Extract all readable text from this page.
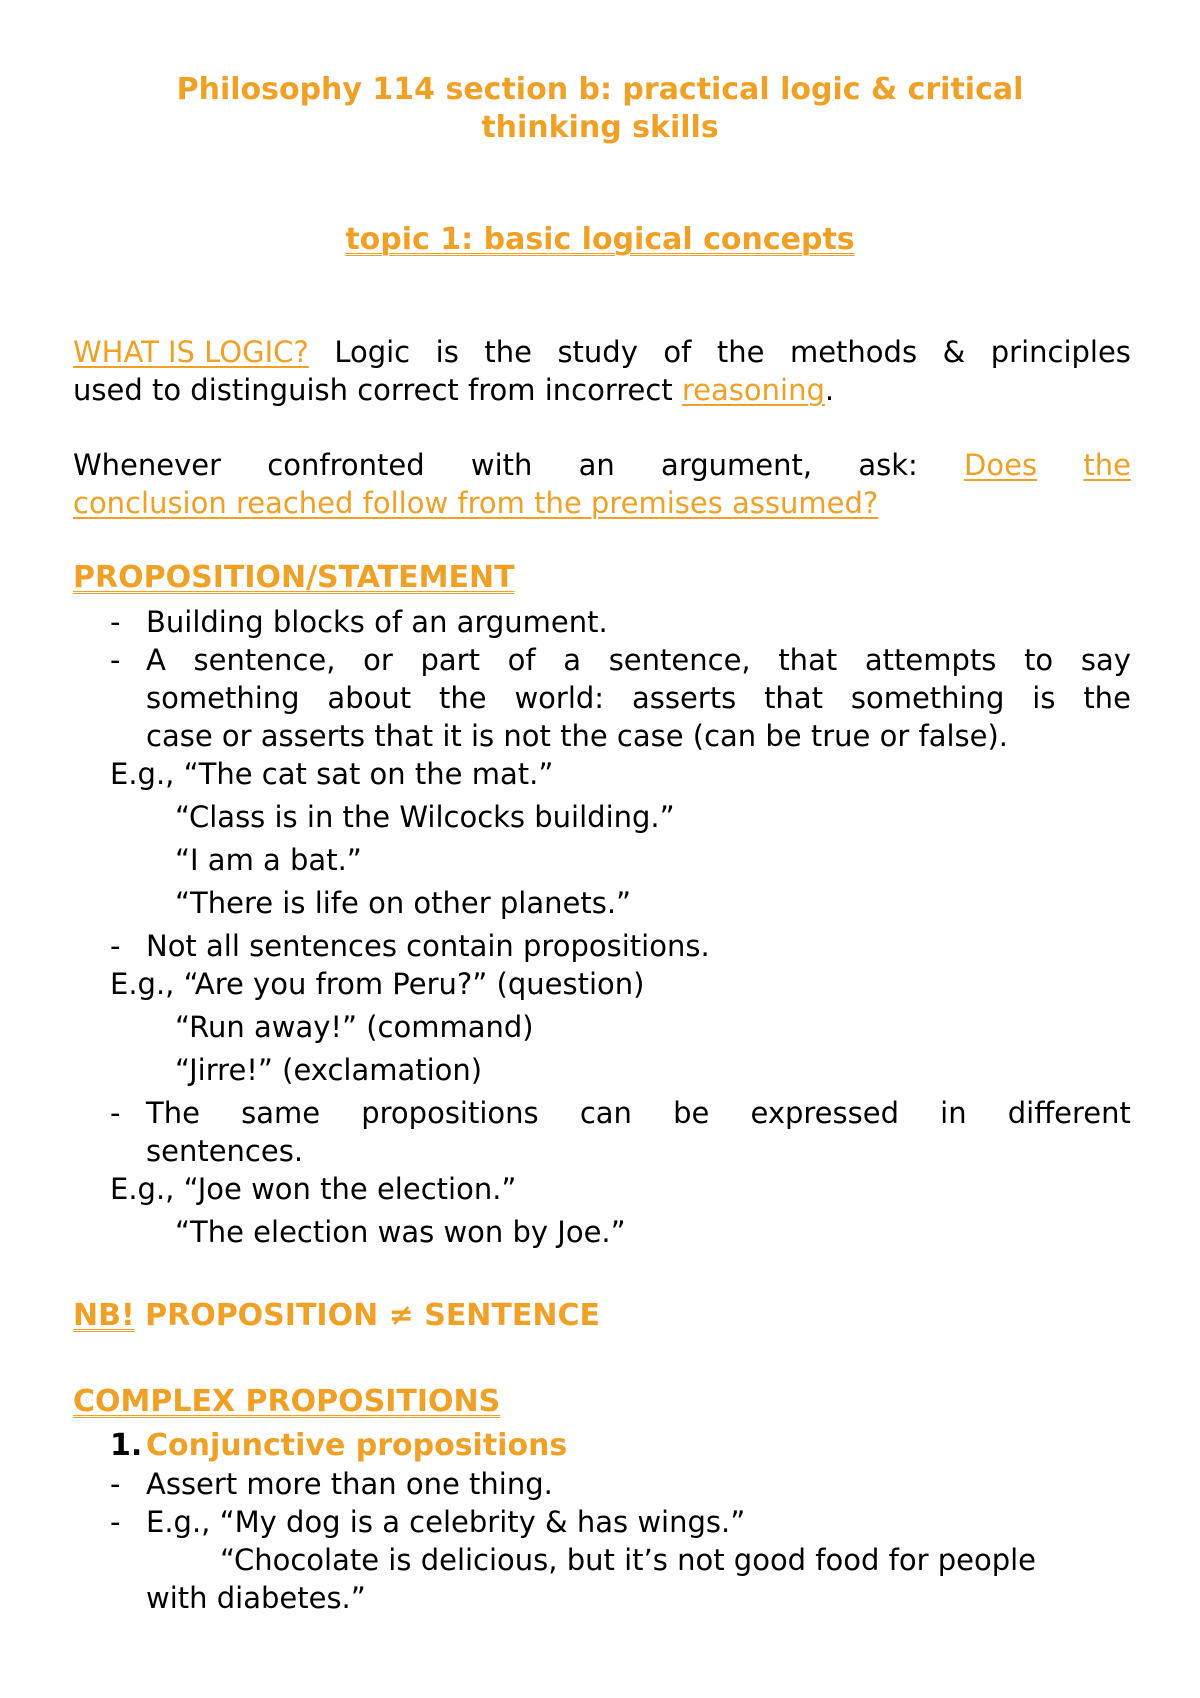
Philosophy 114 section b: practical logic & critical
thinking skills
topic 1: basic logical concepts
WHAT IS LOGIC? Logic is the study of the methods & principles
used to distinguish correct from incorrect reasoning.
Whenever confronted with an argument, ask: Does the
conclusion reached follow from the premises assumed?
PROPOSITION/STATEMENT
- Building blocks of an argument.
- A sentence, or part of a sentence, that attempts to say
something about the world: asserts that something is the
case or asserts that it is not the case (can be true or false).
E.g., “The cat sat on the mat.”
“Class is in the Wilcocks building.”
“I am a bat.”
“There is life on other planets.”
- Not all sentences contain propositions.
E.g., “Are you from Peru?” (question)
“Run away!” (command)
“Jirre!” (exclamation)
- The same propositions can be expressed in different
sentences.
E.g., “Joe won the election.”
“The election was won by Joe.”
NB! PROPOSITION ≠ SENTENCE
COMPLEX PROPOSITIONS
1. Conjunctive propositions
- Assert more than one thing.
- E.g., “My dog is a celebrity & has wings.”
“Chocolate is delicious, but it’s not good food for people
with diabetes.”
